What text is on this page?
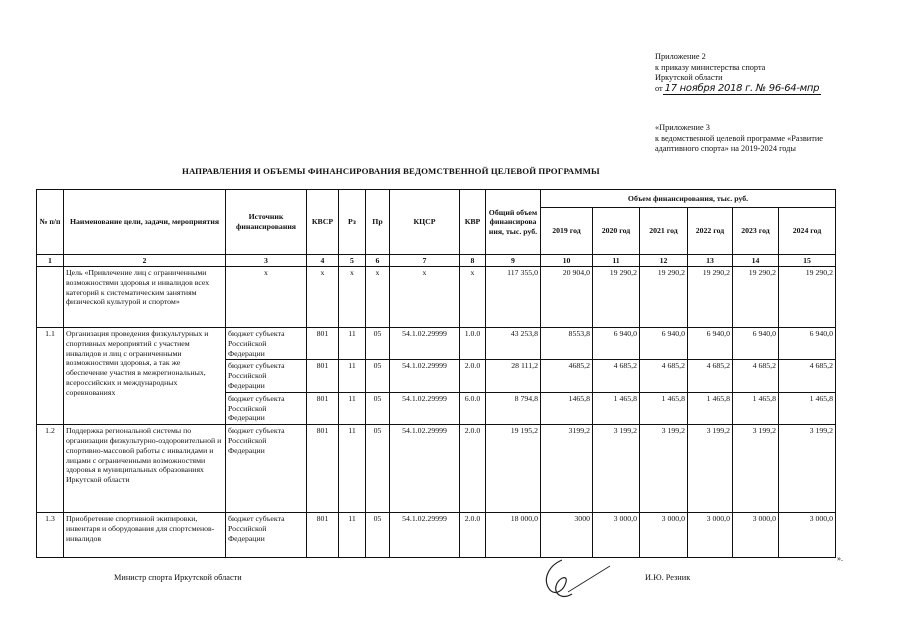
Приложение 2
к приказу министерства спорта
Иркутской области
от 17 ноября 2018 г. № 96-64-мпр
«Приложение 3
к ведомственной целевой программе «Развитие
адаптивного спорта» на 2019-2024 годы
НАПРАВЛЕНИЯ И ОБЪЕМЫ ФИНАНСИРОВАНИЯ ВЕДОМСТВЕННОЙ ЦЕЛЕВОЙ ПРОГРАММЫ
№ п/п	Наименование цели, задачи, мероприятия	Источник финансирования	КВСР	Рз	Пр	КЦСР	КВР	Общий объем финансирова ния, тыс. руб.	Объем финансирования, тыс. руб.					
									2019 год	2020 год	2021 год	2022 год	2023 год	2024 год
1	2	3	4	5	6	7	8	9	10	11	12	13	14	15
	Цель «Привлечение лиц с ограниченными возможностями здоровья и инвалидов всех категорий к систематическим занятиям физической культурой и спортом»	х	х	х	х	х	х	117 355,0	20 904,0	19 290,2	19 290,2	19 290,2	19 290,2	19 290,2
1.1	Организация проведения физкультурных и спортивных мероприятий с участием инвалидов и лиц с ограниченными возможностями здоровья, а так же обеспечение участия в межрегиональных, всероссийских и международных соревнованиях	бюджет субъекта Российской Федерации	801	11	05	54.1.02.29999	1.0.0	43 253,8	8553,8	6 940,0	6 940,0	6 940,0	6 940,0	6 940,0
		бюджет субъекта Российской Федерации	801	11	05	54.1.02.29999	2.0.0	28 111,2	4685,2	4 685,2	4 685,2	4 685,2	4 685,2	4 685,2
		бюджет субъекта Российской Федерации	801	11	05	54.1.02.29999	6.0.0	8 794,8	1465,8	1 465,8	1 465,8	1 465,8	1 465,8	1 465,8
1.2	Поддержка региональной системы по организации физкультурно-оздоровительной и спортивно-массовой работы с инвалидами и лицами с ограниченными возможностями здоровья в муниципальных образованиях Иркутской области	бюджет субъекта Российской Федерации	801	11	05	54.1.02.29999	2.0.0	19 195,2	3199,2	3 199,2	3 199,2	3 199,2	3 199,2	3 199,2
1.3	Приобретение спортивной экипировки, инвентаря и оборудования для спортсменов-инвалидов	бюджет субъекта Российской Федерации	801	11	05	54.1.02.29999	2.0.0	18 000,0	3000	3 000,0	3 000,0	3 000,0	3 000,0	3 000,0
».
Министр спорта Иркутской области	И.Ю. Резник
